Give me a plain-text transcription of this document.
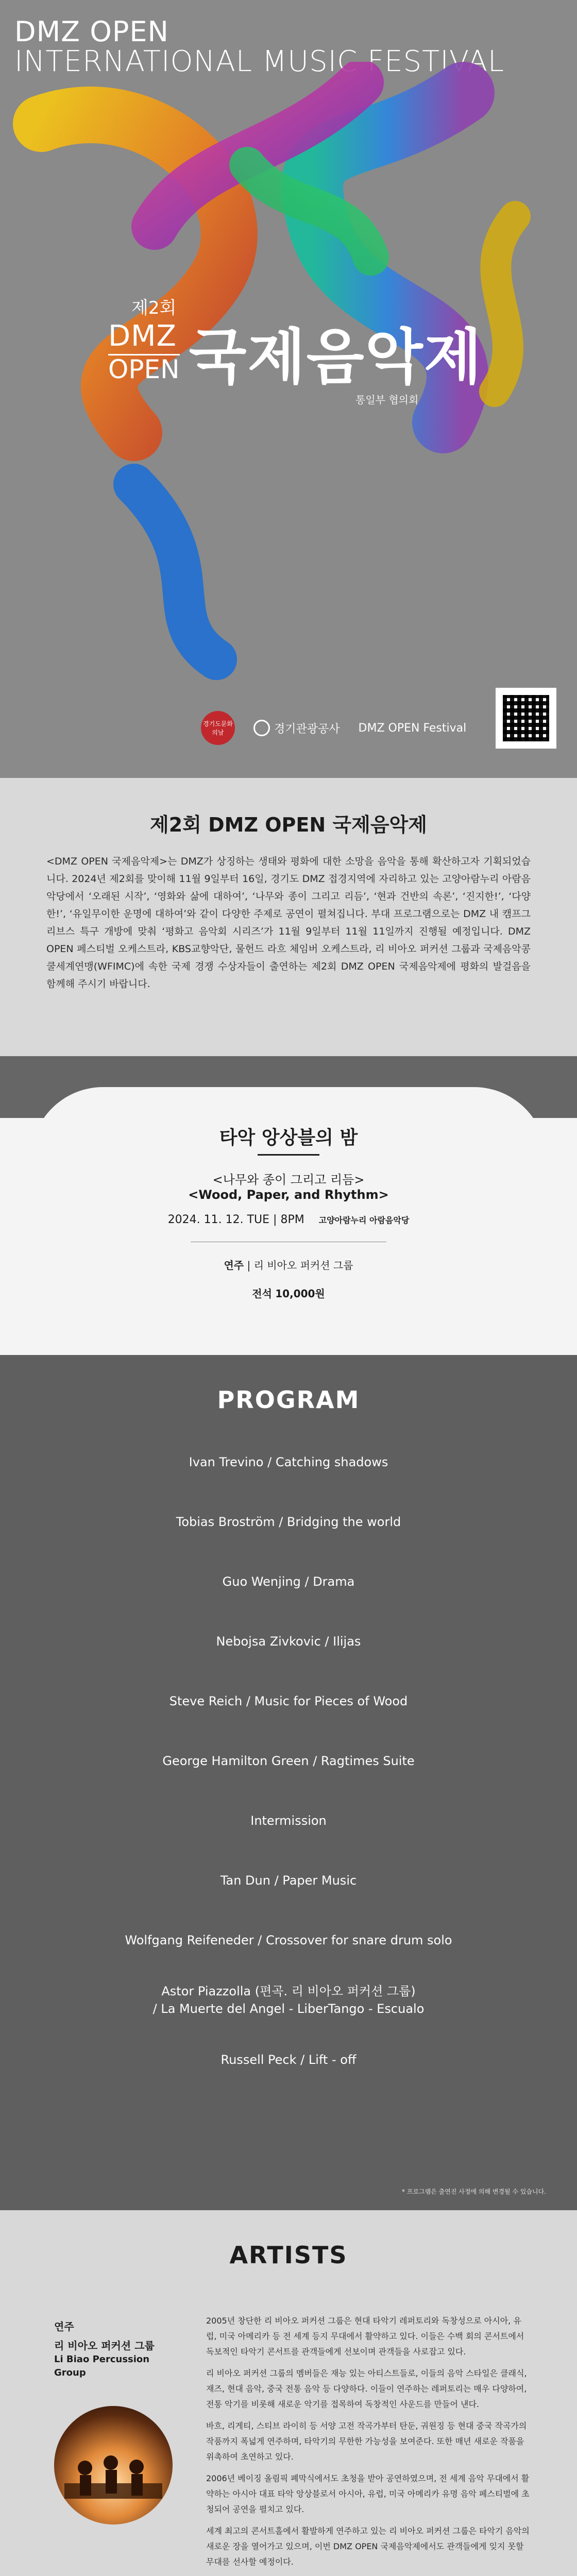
DMZ OPEN
INTERNATIONAL MUSIC FESTIVAL
제2회
DMZ
OPEN 국제음악제
통일부 협의회
경기도문화의날	경기관광공사 DMZ OPEN Festival
제2회 DMZ OPEN 국제음악제

<DMZ OPEN 국제음악제>는 DMZ가 상징하는 생태와 평화에 대한 소망을 음악을 통해 확산하고자 기획되었습니다. 2024년 제2회를 맞이해 11월 9일부터 16일, 경기도 DMZ 접경지역에 자리하고 있는 고양아람누리 아람음악당에서 ‘오래된 시작’, ‘영화와 삶에 대하여’, ‘나무와 종이 그리고 리듬’, ‘현과 건반의 속론’, ‘진지한!’, ‘다양한!’, ‘유일무이한 운명에 대하여’와 같이 다양한 주제로 공연이 펼쳐집니다. 부대 프로그램으로는 DMZ 내 캠프그리브스 특구 개방에 맞춰 ‘평화고 음악회 시리즈’가 11월 9일부터 11월 11일까지 진행될 예정입니다. DMZ OPEN 페스티벌 오케스트라, KBS교향악단, 물헌드 라흐 체임버 오케스트라, 리 비아오 퍼커션 그룹과 국제음악콩쿨세계연맹(WFIMC)에 속한 국제 경쟁 수상자들이 출연하는 제2회 DMZ OPEN 국제음악제에 평화의 발걸음을 함께해 주시기 바랍니다.

타악 앙상블의 밤
<나무와 종이 그리고 리듬>
<Wood, Paper, and Rhythm>
2024. 11. 12. TUE | 8PM 고양아람누리 아람음악당
연주 | 리 비아오 퍼커션 그룹
전석 10,000원
PROGRAM
Ivan Trevino / Catching shadows
Tobias Broström / Bridging the world
Guo Wenjing / Drama
Nebojsa Zivkovic / Ilijas
Steve Reich / Music for Pieces of Wood
George Hamilton Green / Ragtimes Suite
Intermission
Tan Dun / Paper Music
Wolfgang Reifeneder / Crossover for snare drum solo
Astor Piazzolla (편곡. 리 비아오 퍼커션 그룹)
/ La Muerte del Angel - LiberTango - Escualo
Russell Peck / Lift - off
* 프로그램은 출연진 사정에 의해 변경될 수 있습니다.
ARTISTS
연주
리 비아오 퍼커션 그룹
Li Biao Percussion Group

2005년 창단한 리 비아오 퍼커션 그룹은 현대 타악기 레퍼토리와 독창성으로 아시아, 유럽, 미국 아메리카 등 전 세계 등지 무대에서 활약하고 있다. 이들은 수백 회의 콘서트에서 독보적인 타악기 콘서트를 관객들에게 선보이며 관객들을 사로잡고 있다.

리 비아오 퍼커션 그룹의 멤버들은 재능 있는 아티스트들로, 이들의 음악 스타일은 클래식, 재즈, 현대 음악, 중국 전통 음악 등 다양하다. 이들이 연주하는 레퍼토리는 매우 다양하여, 전통 악기를 비롯해 새로운 악기를 접목하여 독창적인 사운드를 만들어 낸다.

바흐, 리게티, 스티브 라이히 등 서양 고전 작곡가부터 탄둔, 궈원징 등 현대 중국 작곡가의 작품까지 폭넓게 연주하며, 타악기의 무한한 가능성을 보여준다. 또한 매년 새로운 작품을 위촉하여 초연하고 있다.

2006년 베이징 올림픽 폐막식에서도 초청을 받아 공연하였으며, 전 세계 음악 무대에서 활약하는 아시아 대표 타악 앙상블로서 아시아, 유럽, 미국 아메리카 유명 음악 페스티벌에 초청되어 공연을 펼치고 있다.

세계 최고의 콘서트홀에서 활발하게 연주하고 있는 리 비아오 퍼커션 그룹은 타악기 음악의 새로운 장을 열어가고 있으며, 이번 DMZ OPEN 국제음악제에서도 관객들에게 잊지 못할 무대를 선사할 예정이다.
